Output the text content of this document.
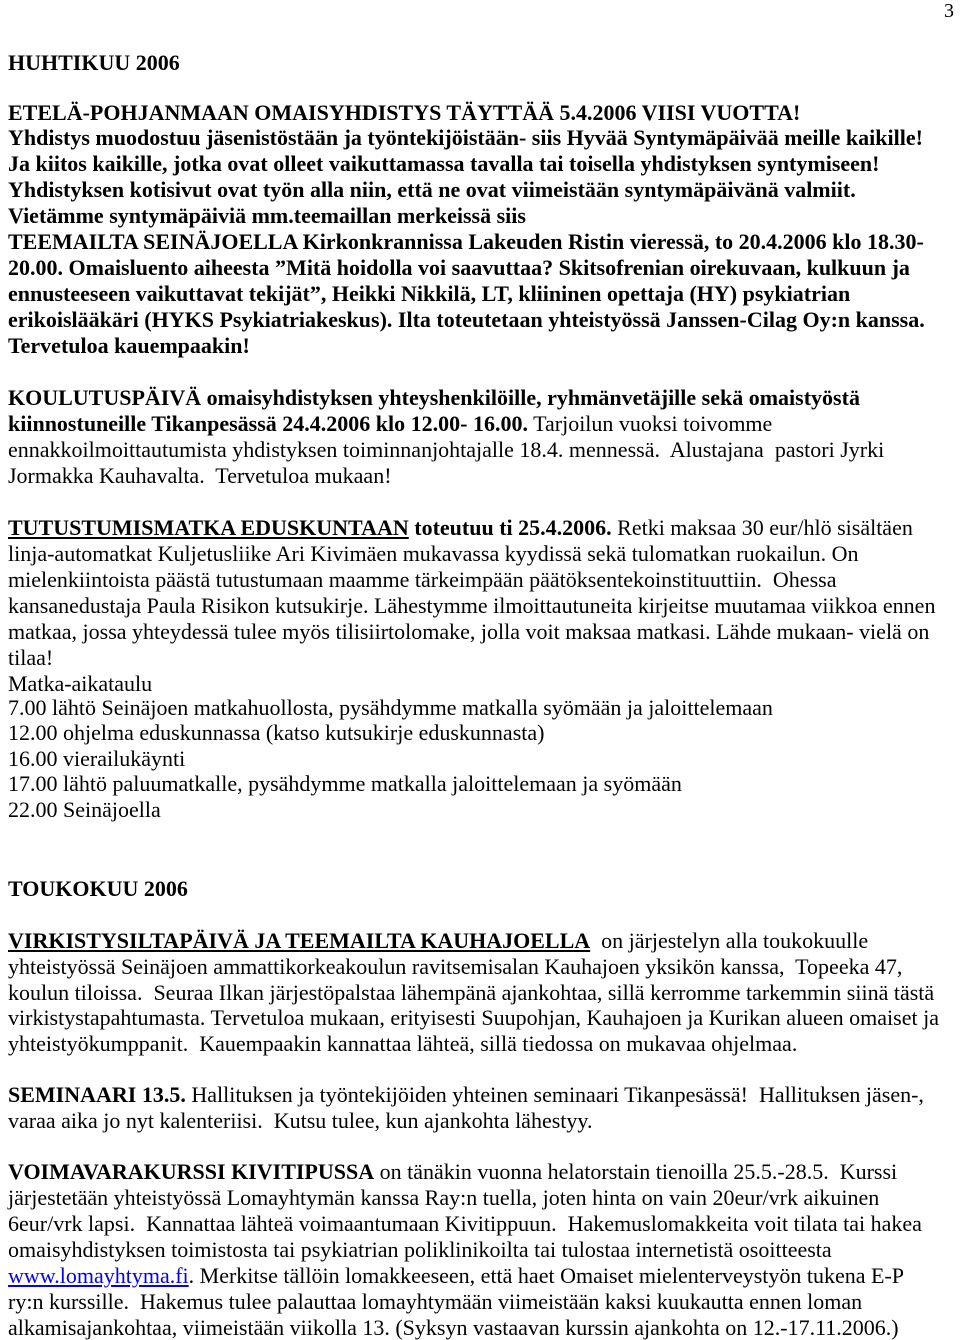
3
HUHTIKUU 2006
ETELÄ-POHJANMAAN OMAISYHDISTYS TÄYTTÄÄ 5.4.2006 VIISI VUOTTA!
Yhdistys muodostuu jäsenistöstään ja työntekijöistään- siis Hyvää Syntymäpäivää meille kaikille!
Ja kiitos kaikille, jotka ovat olleet vaikuttamassa tavalla tai toisella yhdistyksen syntymiseen!
Yhdistyksen kotisivut ovat työn alla niin, että ne ovat viimeistään syntymäpäivänä valmiit.
Vietämme syntymäpäiviä mm.teemaillan merkeissä siis
TEEMAILTA SEINÄJOELLA Kirkonkrannissa Lakeuden Ristin vieressä, to 20.4.2006 klo 18.30-
20.00. Omaisluento aiheesta ”Mitä hoidolla voi saavuttaa? Skitsofrenian oirekuvaan, kulkuun ja
ennusteeseen vaikuttavat tekijät”, Heikki Nikkilä, LT, kliininen opettaja (HY) psykiatrian
erikoislääkäri (HYKS Psykiatriakeskus). Ilta toteutetaan yhteistyössä Janssen-Cilag Oy:n kanssa.
Tervetuloa kauempaakin!
KOULUTUSPÄIVÄ omaisyhdistyksen yhteyshenkilöille, ryhmänvetäjille sekä omaistyöstä
kiinnostuneille Tikanpesässä 24.4.2006 klo 12.00- 16.00. Tarjoilun vuoksi toivomme
ennakkoilmoittautumista yhdistyksen toiminnanjohtajalle 18.4. mennessä.  Alustajana  pastori Jyrki
Jormakka Kauhavalta.  Tervetuloa mukaan!
TUTUSTUMISMATKA EDUSKUNTAAN toteutuu ti 25.4.2006. Retki maksaa 30 eur/hlö sisältäen
linja-automatkat Kuljetusliike Ari Kivimäen mukavassa kyydissä sekä tulomatkan ruokailun. On
mielenkiintoista päästä tutustumaan maamme tärkeimpään päätöksentekoinstituuttiin.  Ohessa
kansanedustaja Paula Risikon kutsukirje. Lähestymme ilmoittautuneita kirjeitse muutamaa viikkoa ennen
matkaa, jossa yhteydessä tulee myös tilisiirtolomake, jolla voit maksaa matkasi. Lähde mukaan- vielä on
tilaa!
Matka-aikataulu
7.00 lähtö Seinäjoen matkahuollosta, pysähdymme matkalla syömään ja jaloittelemaan
12.00 ohjelma eduskunnassa (katso kutsukirje eduskunnasta)
16.00 vierailukäynti
17.00 lähtö paluumatkalle, pysähdymme matkalla jaloittelemaan ja syömään
22.00 Seinäjoella
TOUKOKUU 2006
VIRKISTYSILTAPÄIVÄ JA TEEMAILTA KAUHAJOELLA  on järjestelyn alla toukokuulle
yhteistyössä Seinäjoen ammattikorkeakoulun ravitsemisalan Kauhajoen yksikön kanssa,  Topeeka 47,
koulun tiloissa.  Seuraa Ilkan järjestöpalstaa lähempänä ajankohtaa, sillä kerromme tarkemmin siinä tästä
virkistystapahtumasta. Tervetuloa mukaan, erityisesti Suupohjan, Kauhajoen ja Kurikan alueen omaiset ja
yhteistyökumppanit.  Kauempaakin kannattaa lähteä, sillä tiedossa on mukavaa ohjelmaa.
SEMINAARI 13.5. Hallituksen ja työntekijöiden yhteinen seminaari Tikanpesässä!  Hallituksen jäsen-,
varaa aika jo nyt kalenteriisi.  Kutsu tulee, kun ajankohta lähestyy.
VOIMAVARAKURSSI KIVITIPUSSA on tänäkin vuonna helatorstain tienoilla 25.5.-28.5.  Kurssi
järjestetään yhteistyössä Lomayhtymän kanssa Ray:n tuella, joten hinta on vain 20eur/vrk aikuinen
6eur/vrk lapsi.  Kannattaa lähteä voimaantumaan Kivitippuun.  Hakemuslomakkeita voit tilata tai hakea
omaisyhdistyksen toimistosta tai psykiatrian poliklinikoilta tai tulostaa internetistä osoitteesta
www.lomayhtyma.fi. Merkitse tällöin lomakkeeseen, että haet Omaiset mielenterveystyön tukena E-P
ry:n kurssille.  Hakemus tulee palauttaa lomayhtymään viimeistään kaksi kuukautta ennen loman
alkamisajankohtaa, viimeistään viikolla 13. (Syksyn vastaavan kurssin ajankohta on 12.-17.11.2006.)
